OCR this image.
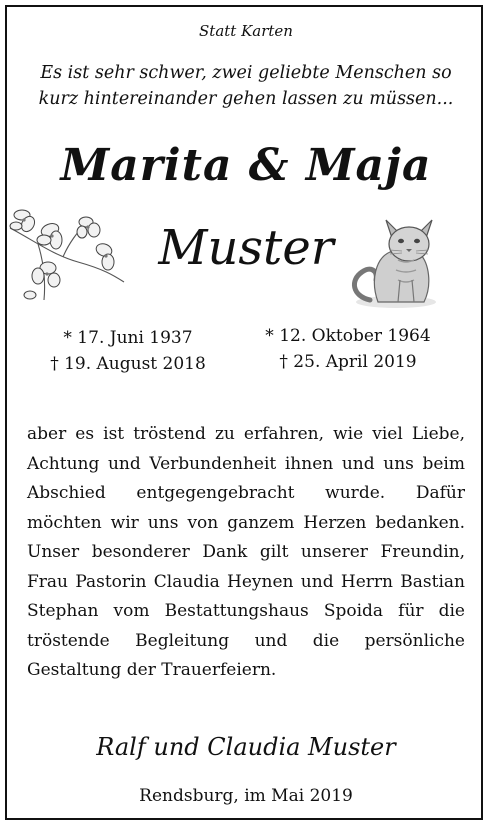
Statt Karten
Es ist sehr schwer, zwei geliebte Menschen so kurz hintereinander gehen lassen zu müssen...
Marita & Maja
Muster
* 17. Juni 1937
† 19. August 2018
* 12. Oktober 1964
† 25. April 2019
aber es ist tröstend zu erfahren, wie viel Liebe, Achtung und Verbundenheit ihnen und uns beim Abschied entgegengebracht wurde. Dafür möchten wir uns von ganzem Herzen bedanken. Unser besonderer Dank gilt unserer Freundin, Frau Pastorin Claudia Heynen und Herrn Bastian Stephan vom Bestattungshaus Spoida für die tröstende Begleitung und die persönliche Gestaltung der Trauerfeiern.
Ralf und Claudia Muster
Rendsburg, im Mai 2019
